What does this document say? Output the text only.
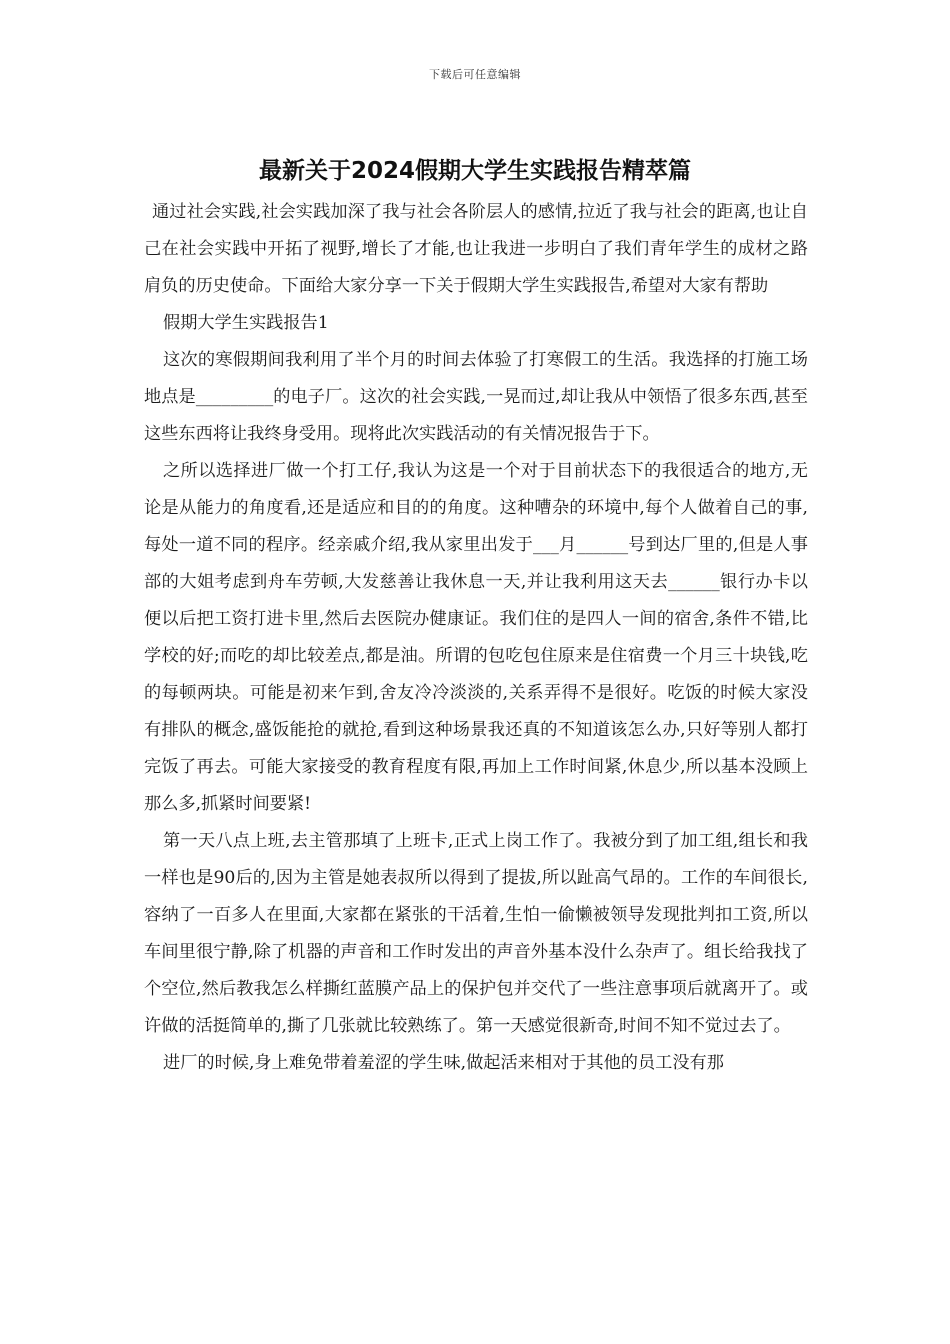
下载后可任意编辑
最新关于2024假期大学生实践报告精萃篇

通过社会实践,社会实践加深了我与社会各阶层人的感情,拉近了我与社会的距离,也让自己在社会实践中开拓了视野,增长了才能,也让我进一步明白了我们青年学生的成材之路肩负的历史使命。下面给大家分享一下关于假期大学生实践报告,希望对大家有帮助

假期大学生实践报告1

这次的寒假期间我利用了半个月的时间去体验了打寒假工的生活。我选择的打施工场地点是_________的电子厂。这次的社会实践,一晃而过,却让我从中领悟了很多东西,甚至这些东西将让我终身受用。现将此次实践活动的有关情况报告于下。

之所以选择进厂做一个打工仔,我认为这是一个对于目前状态下的我很适合的地方,无论是从能力的角度看,还是适应和目的的角度。这种嘈杂的环境中,每个人做着自己的事,每处一道不同的程序。经亲戚介绍,我从家里出发于___月______号到达厂里的,但是人事部的大姐考虑到舟车劳顿,大发慈善让我休息一天,并让我利用这天去______银行办卡以便以后把工资打进卡里,然后去医院办健康证。我们住的是四人一间的宿舍,条件不错,比学校的好;而吃的却比较差点,都是油。所谓的包吃包住原来是住宿费一个月三十块钱,吃的每顿两块。可能是初来乍到,舍友冷冷淡淡的,关系弄得不是很好。吃饭的时候大家没有排队的概念,盛饭能抢的就抢,看到这种场景我还真的不知道该怎么办,只好等别人都打完饭了再去。可能大家接受的教育程度有限,再加上工作时间紧,休息少,所以基本没顾上那么多,抓紧时间要紧!

第一天八点上班,去主管那填了上班卡,正式上岗工作了。我被分到了加工组,组长和我一样也是90后的,因为主管是她表叔所以得到了提拔,所以趾高气昂的。工作的车间很长,容纳了一百多人在里面,大家都在紧张的干活着,生怕一偷懒被领导发现批判扣工资,所以车间里很宁静,除了机器的声音和工作时发出的声音外基本没什么杂声了。组长给我找了个空位,然后教我怎么样撕红蓝膜产品上的保护包并交代了一些注意事项后就离开了。或许做的活挺简单的,撕了几张就比较熟练了。第一天感觉很新奇,时间不知不觉过去了。

进厂的时候,身上难免带着羞涩的学生味,做起活来相对于其他的员工没有那
